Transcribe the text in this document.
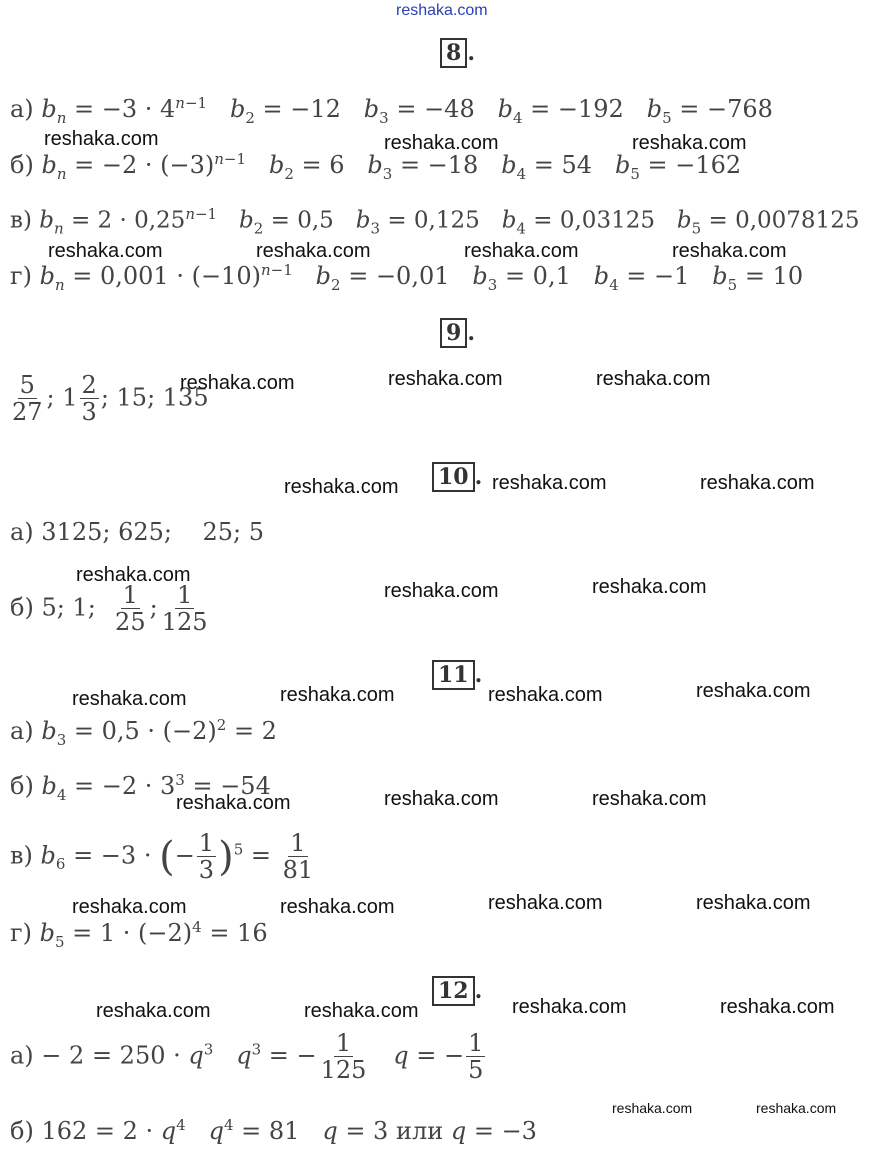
reshaka.com
8 .
а) $b_n = -3 \cdot 4^{n-1}$ $b_2 = -12$   $b_3 = -48$   $b_4 = -192$   $b_5 = -768$
б) $b_n = -2 \cdot (-3)^{n-1}$ $b_2 = 6$   $b_3 = -18$   $b_4 = 54$   $b_5 = -162$
в) $b_n = 2 \cdot 0,25^{n-1}$ $b_2 = 0,5$   $b_3 = 0,125$   $b_4 = 0,03125$   $b_5 = 0,0078125$
г) $b_n = 0,001 \cdot (-10)^{n-1}$ $b_2 = -0,01$   $b_3 = 0,1$   $b_4 = -1$   $b_5 = 10$
9 .
$\frac{5}{27}$ ; $1 \frac{2}{3}$ ; 15; 135
10 .
а) 3125; 625;    25; 5
б) 5; 1; $\frac{1}{25}$ ; $\frac{1}{125}$
11 .
а) $b_3 = 0,5 \cdot (-2)^2 = 2$
б) $b_4 = -2 \cdot 3^3 = -54$
в) $b_6 = -3$ · (− $\frac{1}{3} )^5 = \frac{1}{81}$
г) $b_5 = 1 \cdot (-2)^4 = 16$
12 .
$а) - 2 = 250 \cdot q^3$ $q^3$ = − $\frac{1}{125}$ q = − $\frac{1}{5}$
б) $162 = 2 \cdot q^4$ $q^4 = 81$   q = 3 или q = −3
reshaka.com	reshaka.com	reshaka.com
reshaka.com	reshaka.com	reshaka.com	reshaka.com
reshaka.com	reshaka.com	reshaka.com
reshaka.com	reshaka.com	reshaka.com
reshaka.com
reshaka.com	reshaka.com
reshaka.com	reshaka.com	reshaka.com	reshaka.com
reshaka.com	reshaka.com	reshaka.com
reshaka.com	reshaka.com	reshaka.com	reshaka.com
reshaka.com	reshaka.com	reshaka.com	reshaka.com
reshaka.com	reshaka.com
